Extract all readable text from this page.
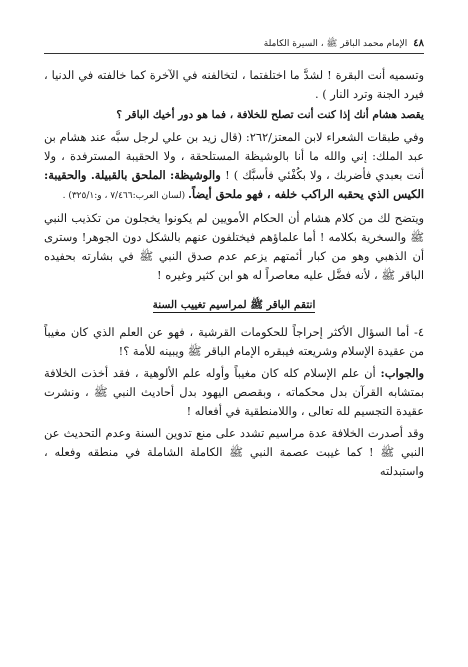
٤٨
الإمام محمد الباقر ﷺ ، السيرة الكاملة

وتسميه أنت البقرة ! لشدَّ ما اختلفتما ، لتخالفنه في الآخرة كما خالفته في الدنيا ، فيرد الجنة وترد النار ) .

يقصد هشام أنك إذا كنت أنت تصلح للخلافة ، فما هو دور أخيك الباقر ؟

وفي طبقات الشعراء لابن المعتز/٢٦٢: (قال زيد بن علي لرجل سبَّه عند هشام بن عبد الملك: إني والله ما أنا بالوشيظة المستلحقة ، ولا الحقيبة المسترفدة ، ولا أنت بعبدي فأضربك ، ولا بكُفْئي فأسبَّك ) ! والوشيظة: الملحق بالقبيلة. والحقيبة: الكيس الذي يحقبه الراكب خلفه ، فهو ملحق أيضاً. (لسان العرب:٧/٤٦٦ ، و:٣٢٥/١) .

ويتضح لك من كلام هشام أن الحكام الأمويين لم يكونوا يخجلون من تكذيب النبي ﷺ والسخرية بكلامه ! أما علماؤهم فيختلفون عنهم بالشكل دون الجوهر! وسترى أن الذهبي وهو من كبار أئمتهم يزعم عدم صدق النبي ﷺ في بشارته بحفيده الباقر ﷺ ، لأنه فضَّل عليه معاصراً له هو ابن كثير وغيره !

انتقم الباقر ﷺ لمراسيم تغييب السنة

٤- أما السؤال الأكثر إحراجاً للحكومات القرشية ، فهو عن العلم الذي كان مغيباً من عقيدة الإسلام وشريعته فيبقره الإمام الباقر ﷺ ويبينه للأمة ؟!

والجواب: أن علم الإسلام كله كان مغيباً وأوله علم الألوهية ، فقد أخذت الخلافة بمتشابه القرآن بدل محكماته ، وبقصص اليهود بدل أحاديث النبي ﷺ ، ونشرت عقيدة التجسيم لله تعالى ، واللامنطقية في أفعاله !

وقد أصدرت الخلافة عدة مراسيم تشدد على منع تدوين السنة وعدم التحديث عن النبي ﷺ ! كما غيبت عصمة النبي ﷺ الكاملة الشاملة في منطقه وفعله ، واستبدلته
